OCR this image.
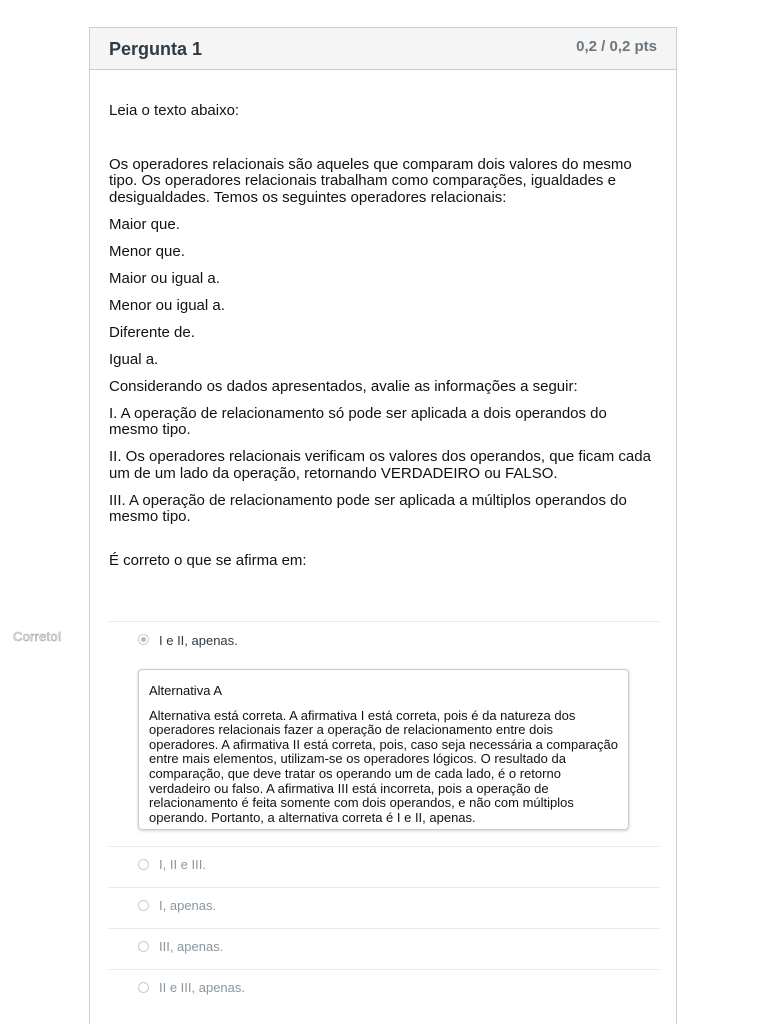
Correto!
Pergunta 1	0,2 / 0,2 pts

Leia o texto abaixo:

Os operadores relacionais são aqueles que comparam dois valores do mesmo tipo. Os operadores relacionais trabalham como comparações, igualdades e desigualdades. Temos os seguintes operadores relacionais:

Maior que.

Menor que.

Maior ou igual a.

Menor ou igual a.

Diferente de.

Igual a.

Considerando os dados apresentados, avalie as informações a seguir:

I. A operação de relacionamento só pode ser aplicada a dois operandos do mesmo tipo.

II. Os operadores relacionais verificam os valores dos operandos, que ficam cada um de um lado da operação, retornando VERDADEIRO ou FALSO.

III. A operação de relacionamento pode ser aplicada a múltiplos operandos do mesmo tipo.

É correto o que se afirma em:

I e II, apenas.
Alternativa A
Alternativa está correta. A afirmativa I está correta, pois é da natureza dos operadores relacionais fazer a operação de relacionamento entre dois operadores. A afirmativa II está correta, pois, caso seja necessária a comparação entre mais elementos, utilizam-se os operadores lógicos. O resultado da comparação, que deve tratar os operando um de cada lado, é o retorno verdadeiro ou falso. A afirmativa III está incorreta, pois a operação de relacionamento é feita somente com dois operandos, e não com múltiplos operando. Portanto, a alternativa correta é I e II, apenas.
I, II e III.
I, apenas.
III, apenas.
II e III, apenas.
